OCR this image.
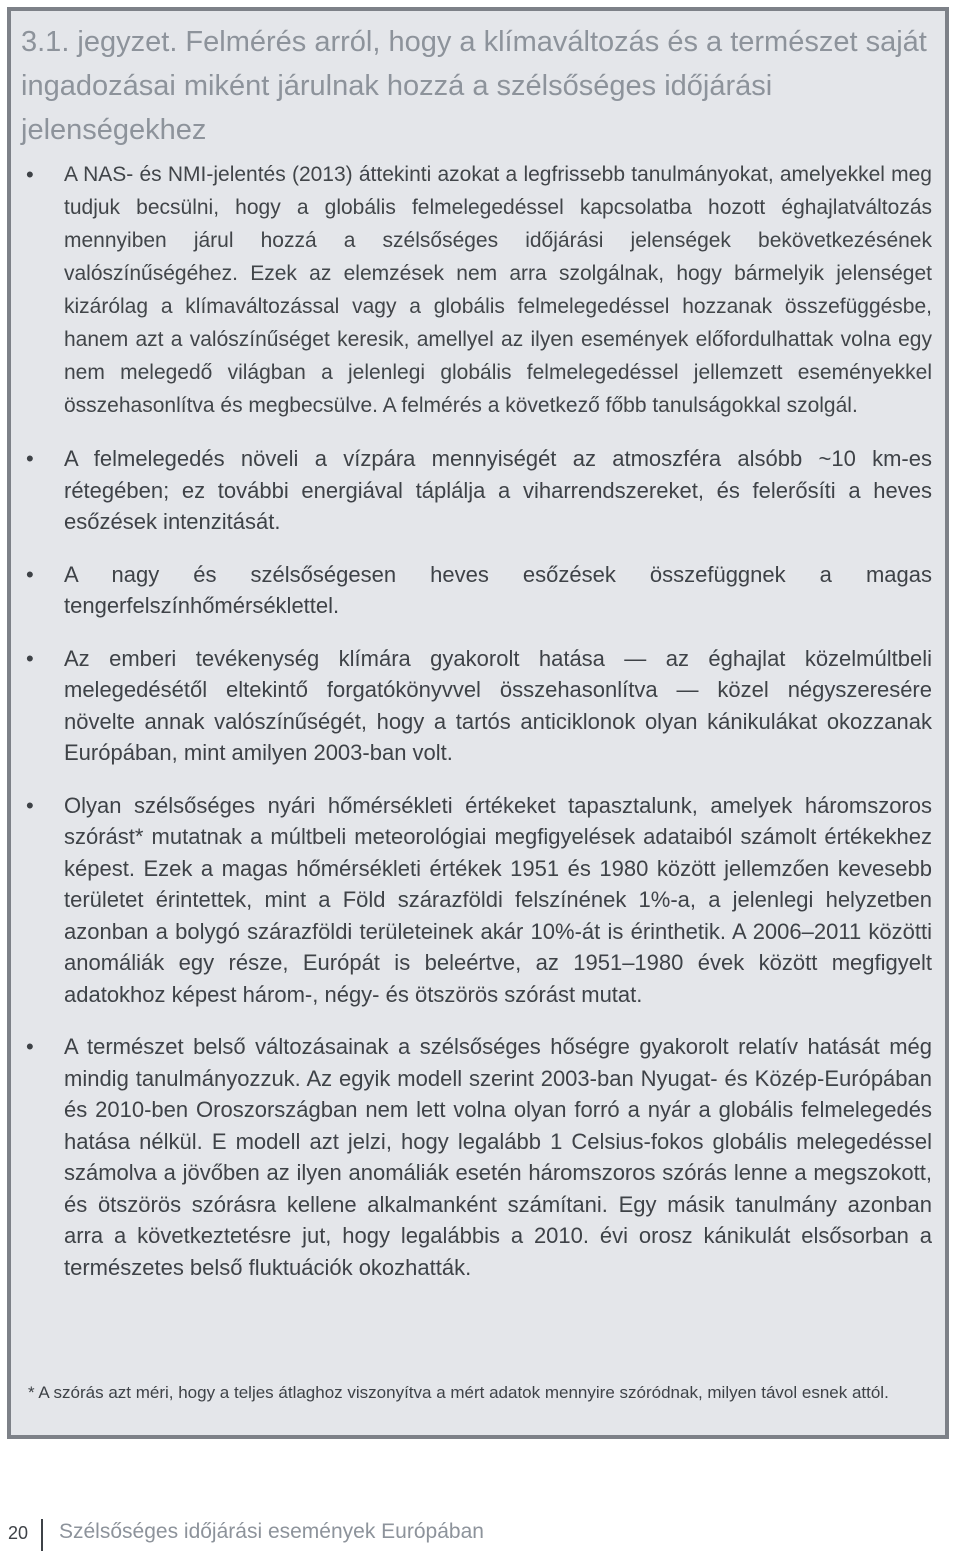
3.1. jegyzet. Felmérés arról, hogy a klímaváltozás és a természet saját ingadozásai miként járulnak hozzá a szélsőséges időjárási jelenségekhez
• A NAS- és NMI-jelentés (2013) áttekinti azokat a legfrissebb tanulmányokat, amelyekkel meg tudjuk becsülni, hogy a globális felmelegedéssel kapcsolatba hozott éghajlatváltozás mennyiben járul hozzá a szélsőséges időjárási jelenségek bekövetkezésének valószínűségéhez. Ezek az elemzések nem arra szolgálnak, hogy bármelyik jelenséget kizárólag a klímaváltozással vagy a globális felmelegedéssel hozzanak összefüggésbe, hanem azt a valószínűséget keresik, amellyel az ilyen események előfordulhattak volna egy nem melegedő világban a jelenlegi globális felmelegedéssel jellemzett eseményekkel összehasonlítva és megbecsülve. A felmérés a következő főbb tanulságokkal szolgál.
• A felmelegedés növeli a vízpára mennyiségét az atmoszféra alsóbb ~10 km-es rétegében; ez további energiával táplálja a viharrendszereket, és felerősíti a heves esőzések intenzitását.
• A nagy és szélsőségesen heves esőzések összefüggnek a magas tengerfelszínhőmérséklettel.
• Az emberi tevékenység klímára gyakorolt hatása — az éghajlat közelmúltbeli melegedésétől eltekintő forgatókönyvvel összehasonlítva — közel négyszeresére növelte annak valószínűségét, hogy a tartós anticiklonok olyan kánikulákat okozzanak Európában, mint amilyen 2003-ban volt.
• Olyan szélsőséges nyári hőmérsékleti értékeket tapasztalunk, amelyek háromszoros szórást* mutatnak a múltbeli meteorológiai megfigyelések adataiból számolt értékekhez képest. Ezek a magas hőmérsékleti értékek 1951 és 1980 között jellemzően kevesebb területet érintettek, mint a Föld szárazföldi felszínének 1%-a, a jelenlegi helyzetben azonban a bolygó szárazföldi területeinek akár 10%-át is érinthetik. A 2006–2011 közötti anomáliák egy része, Európát is beleértve, az 1951–1980 évek között megfigyelt adatokhoz képest három-, négy- és ötszörös szórást mutat.
• A természet belső változásainak a szélsőséges hőségre gyakorolt relatív hatását még mindig tanulmányozzuk. Az egyik modell szerint 2003-ban Nyugat- és Közép-Európában és 2010-ben Oroszországban nem lett volna olyan forró a nyár a globális felmelegedés hatása nélkül. E modell azt jelzi, hogy legalább 1 Celsius-fokos globális melegedéssel számolva a jövőben az ilyen anomáliák esetén háromszoros szórás lenne a megszokott, és ötszörös szórásra kellene alkalmanként számítani. Egy másik tanulmány azonban arra a következtetésre jut, hogy legalábbis a 2010. évi orosz kánikulát elsősorban a természetes belső fluktuációk okozhatták.

* A szórás azt méri, hogy a teljes átlaghoz viszonyítva a mért adatok mennyire szóródnak, milyen távol esnek attól.

20 Szélsőséges időjárási események Európában
